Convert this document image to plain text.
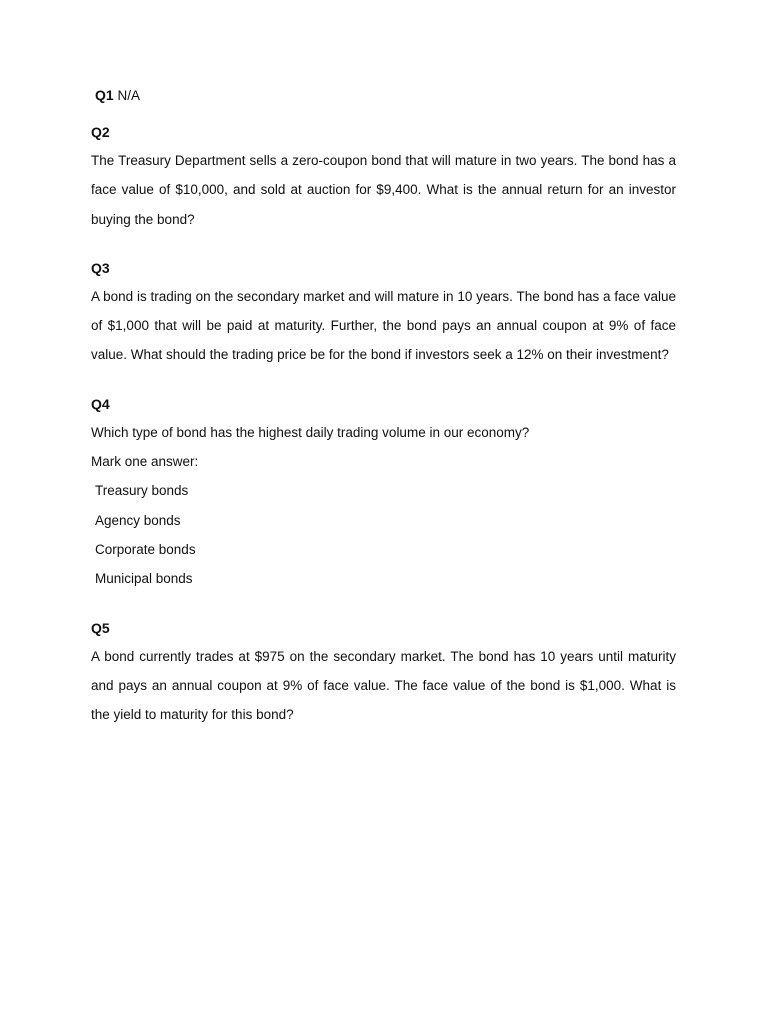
Q1 N/A
Q2

The Treasury Department sells a zero-coupon bond that will mature in two years. The bond has a face value of $10,000, and sold at auction for $9,400. What is the annual return for an investor buying the bond?

Q3

A bond is trading on the secondary market and will mature in 10 years. The bond has a face value of $1,000 that will be paid at maturity. Further, the bond pays an annual coupon at 9% of face value. What should the trading price be for the bond if investors seek a 12% on their investment?

Q4

Which type of bond has the highest daily trading volume in our economy?

Mark one answer:

Treasury bonds
Agency bonds
Corporate bonds
Municipal bonds
Q5

A bond currently trades at $975 on the secondary market. The bond has 10 years until maturity and pays an annual coupon at 9% of face value. The face value of the bond is $1,000. What is the yield to maturity for this bond?
